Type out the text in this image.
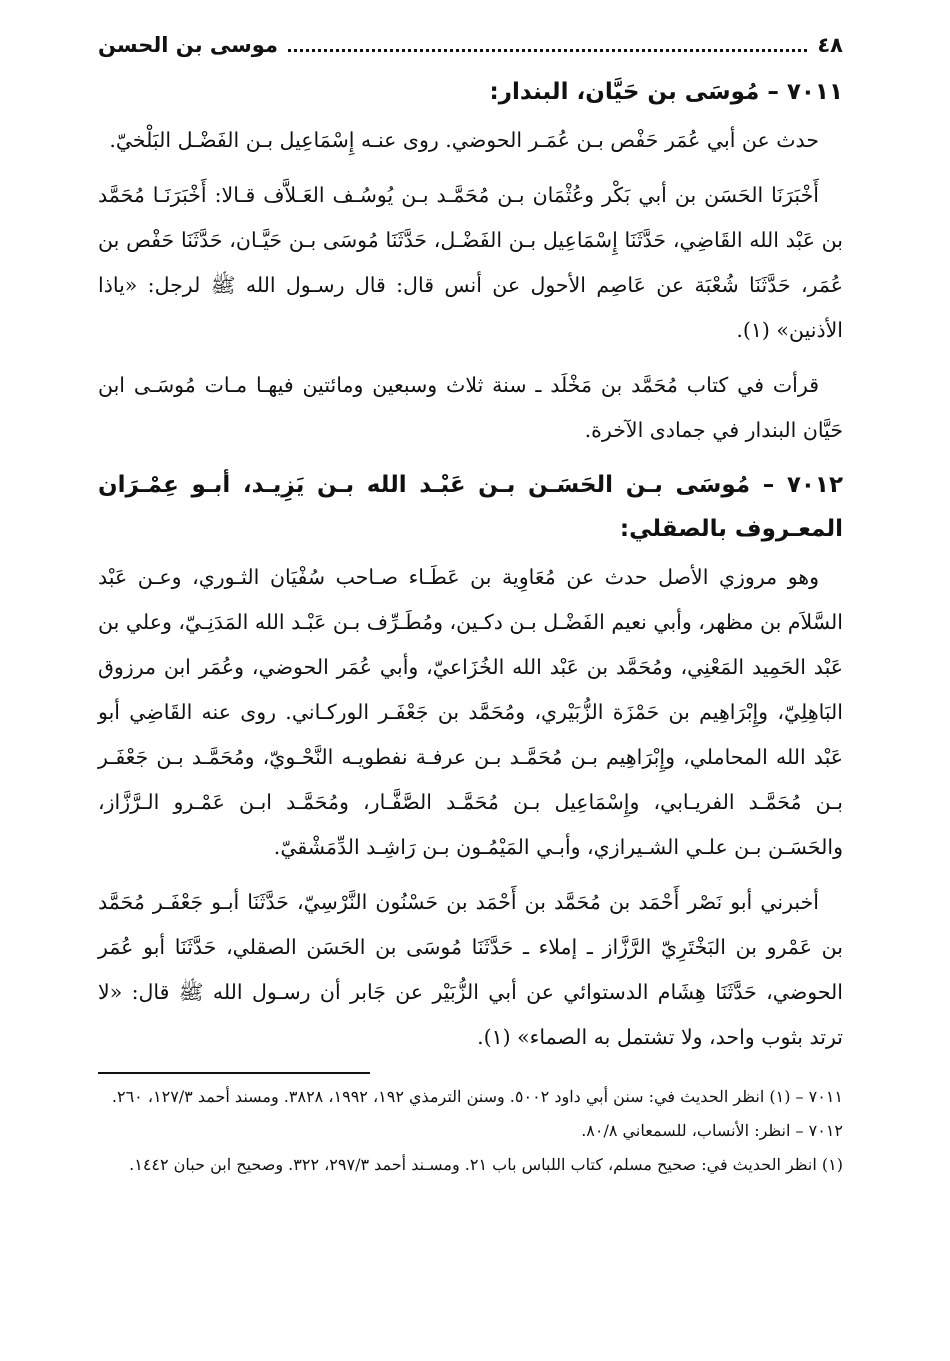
٤٨
موسى بن الحسن
٧٠١١ – مُوسَى بن حَيَّان، البندار:

حدث عن أبي عُمَر حَفْص بـن عُمَـر الحوضي. روى عنـه إِسْمَاعِيل بـن الفَضْـل البَلْخيّ.

أَخْبَرَنَا الحَسَن بن أبي بَكْر وعُثْمَان بـن مُحَمَّـد بـن يُوسُـف العَـلاَّف قـالا: أَخْبَرَنَـا مُحَمَّد بن عَبْد الله القَاضِي، حَدَّثَنَا إِسْمَاعِيل بـن الفَضْـل، حَدَّثَنَا مُوسَى بـن حَيَّـان، حَدَّثَنَا حَفْص بن عُمَر، حَدَّثَنَا شُعْبَة عن عَاصِم الأحول عن أنس قال: قال رسـول الله ﷺ لرجل: «ياذا الأذنين» (١).

قرأت في كتاب مُحَمَّد بن مَخْلَد ـ سنة ثلاث وسبعين ومائتين فيهـا مـات مُوسَـى ابن حَيَّان البندار في جمادى الآخرة.

٧٠١٢ – مُوسَى بـن الحَسَـن بـن عَبْـد الله بـن يَزِيـد، أبـو عِمْـرَان المعـروف بالصقلي:

وهو مروزي الأصل حدث عن مُعَاوِية بن عَطَـاء صـاحب سُفْيَان الثـوري، وعـن عَبْد السَّلاَم بن مظهر، وأبي نعيم الفَضْـل بـن دكـين، ومُطَـرِّف بـن عَبْـد الله المَدَنِـيّ، وعلي بن عَبْد الحَمِيد المَعْنِي، ومُحَمَّد بن عَبْد الله الخُزَاعيّ، وأبي عُمَر الحوضي، وعُمَر ابن مرزوق البَاهِلِيّ، وإِبْرَاهِيم بن حَمْزَة الزُّبَيْري، ومُحَمَّد بن جَعْفَـر الوركـاني. روى عنه القَاضِي أبو عَبْد الله المحاملي، وإِبْرَاهِيم بـن مُحَمَّـد بـن عرفـة نفطويـه النَّحْـويّ، ومُحَمَّـد بـن جَعْفَـر بـن مُحَمَّـد الفريـابي، وإِسْمَاعِيل بـن مُحَمَّـد الصَّفَّـار، ومُحَمَّـد ابـن عَمْـرو الـرَّزَّاز، والحَسَـن بـن علـي الشـيرازي، وأبـي المَيْمُـون بـن رَاشِـد الدِّمَشْقيّ.

أخبرني أبو نَصْر أَحْمَد بن مُحَمَّد بن أَحْمَد بن حَسْنُون النَّرْسِيّ، حَدَّثَنَا أبـو جَعْفَـر مُحَمَّد بن عَمْرو بن البَخْتَرِيّ الرَّزَّاز ـ إملاء ـ حَدَّثَنَا مُوسَى بن الحَسَن الصقلي، حَدَّثَنَا أبو عُمَر الحوضي، حَدَّثَنَا هِشَام الدستوائي عن أبي الزُّبَيْر عن جَابر أن رسـول الله ﷺ قال: «لا ترتد بثوب واحد، ولا تشتمل به الصماء» (١).

٧٠١١ – (١) انظر الحديث في: سنن أبي داود ٥٠٠٢. وسنن الترمذي ١٩٢، ١٩٩٢، ٣٨٢٨. ومسند أحمد ١٢٧/٣، ٢٦٠.

٧٠١٢ – انظر: الأنساب، للسمعاني ٨٠/٨.

(١) انظر الحديث في: صحيح مسلم، كتاب اللباس باب ٢١. ومسـند أحمد ٢٩٧/٣، ٣٢٢. وصحيح ابن حبان ١٤٤٢.
